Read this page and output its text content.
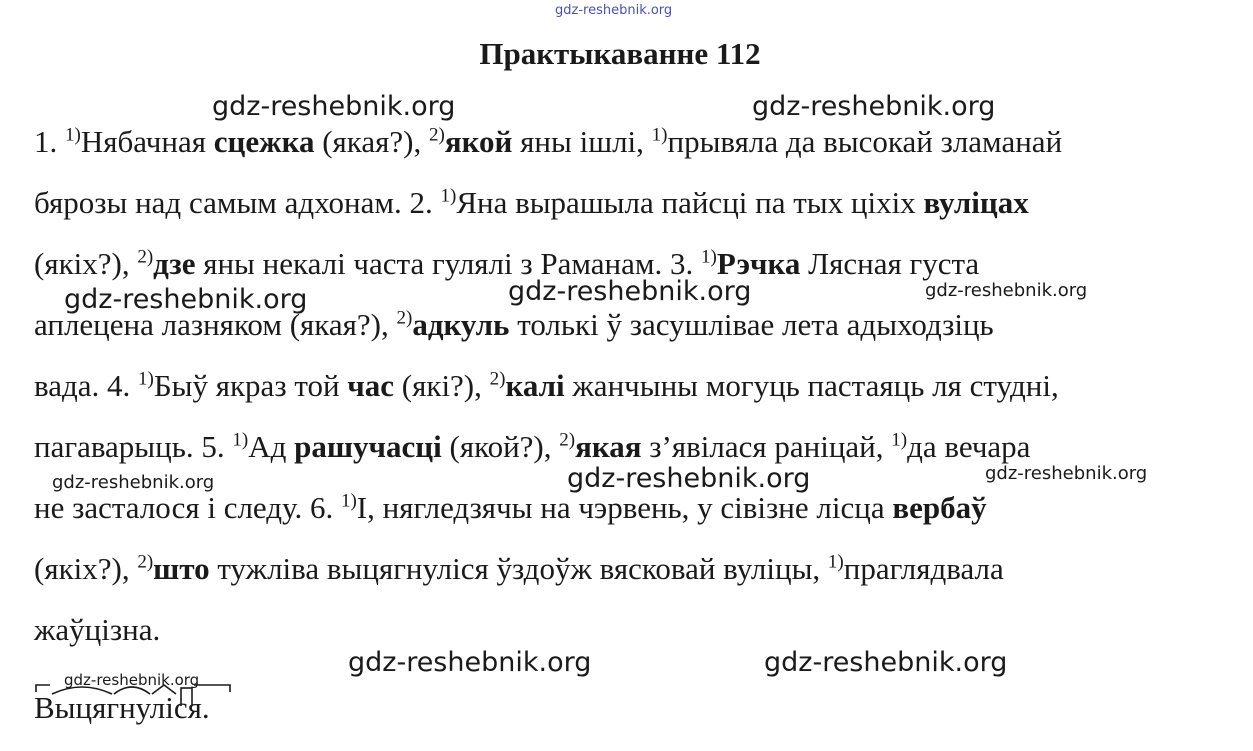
gdz-reshebnik.org
gdz-reshebnik.org	gdz-reshebnik.org
gdz-reshebnik.org	gdz-reshebnik.org	gdz-reshebnik.org
gdz-reshebnik.org	gdz-reshebnik.org	gdz-reshebnik.org
gdz-reshebnik.org	gdz-reshebnik.org
gdz-reshebnik.org
Практыкаванне 112
1. $^{1)}$Нябачная сцежка (якая?), $^{2)}$якой яны ішлі, $^{1)}$прывяла да высокай зламанай
бярозы над самым адхонам. 2. $^{1)}$Яна вырашыла пайсці па тых ціхіх вуліцах
(якіх?), $^{2)}$дзе яны некалі часта гулялі з Раманам. 3. $^{1)}$Рэчка Лясная густа
аплецена лазняком (якая?), $^{2)}$адкуль толькі ў засушлівае лета адыходзіць
вада. 4. $^{1)}$Быў якраз той час (які?), $^{2)}$калі жанчыны могуць пастаяць ля студні,
пагаварыць. 5. $^{1)}$Ад рашучасці (якой?), $^{2)}$якая з’явілася раніцай, $^{1)}$да вечара
не засталося і следу. 6. $^{1)}$І, нягледзячы на чэрвень, у сівізне лісца вербаў
(якіх?), $^{2)}$што тужліва выцягнуліся ўздоўж вясковай вуліцы, $^{1)}$праглядвала
жаўцізна.
Выцягнуліся.
